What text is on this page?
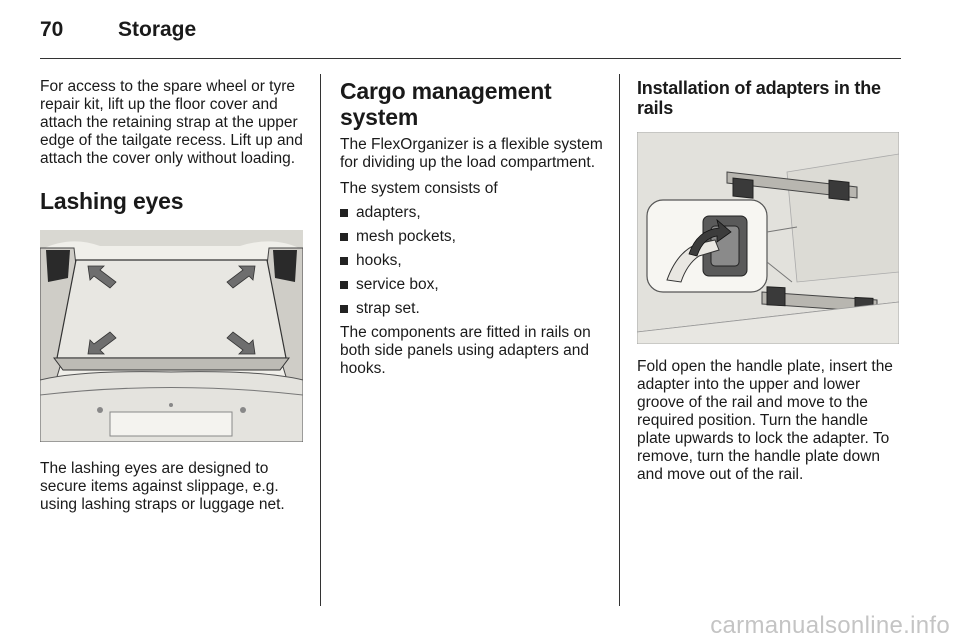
70	Storage

For access to the spare wheel or tyre repair kit, lift up the floor cover and attach the retaining strap at the upper edge of the tailgate recess. Lift up and attach the cover only without loading.

Lashing eyes

The lashing eyes are designed to secure items against slippage, e.g. using lashing straps or luggage net.

Cargo management system

The FlexOrganizer is a flexible system for dividing up the load compartment.

The system consists of

adapters,
mesh pockets,
hooks,
service box,
strap set.

The components are fitted in rails on both side panels using adapters and hooks.

Installation of adapters in the rails

Fold open the handle plate, insert the adapter into the upper and lower groove of the rail and move to the required position. Turn the handle plate upwards to lock the adapter. To remove, turn the handle plate down and move out of the rail.

carmanualsonline.info
